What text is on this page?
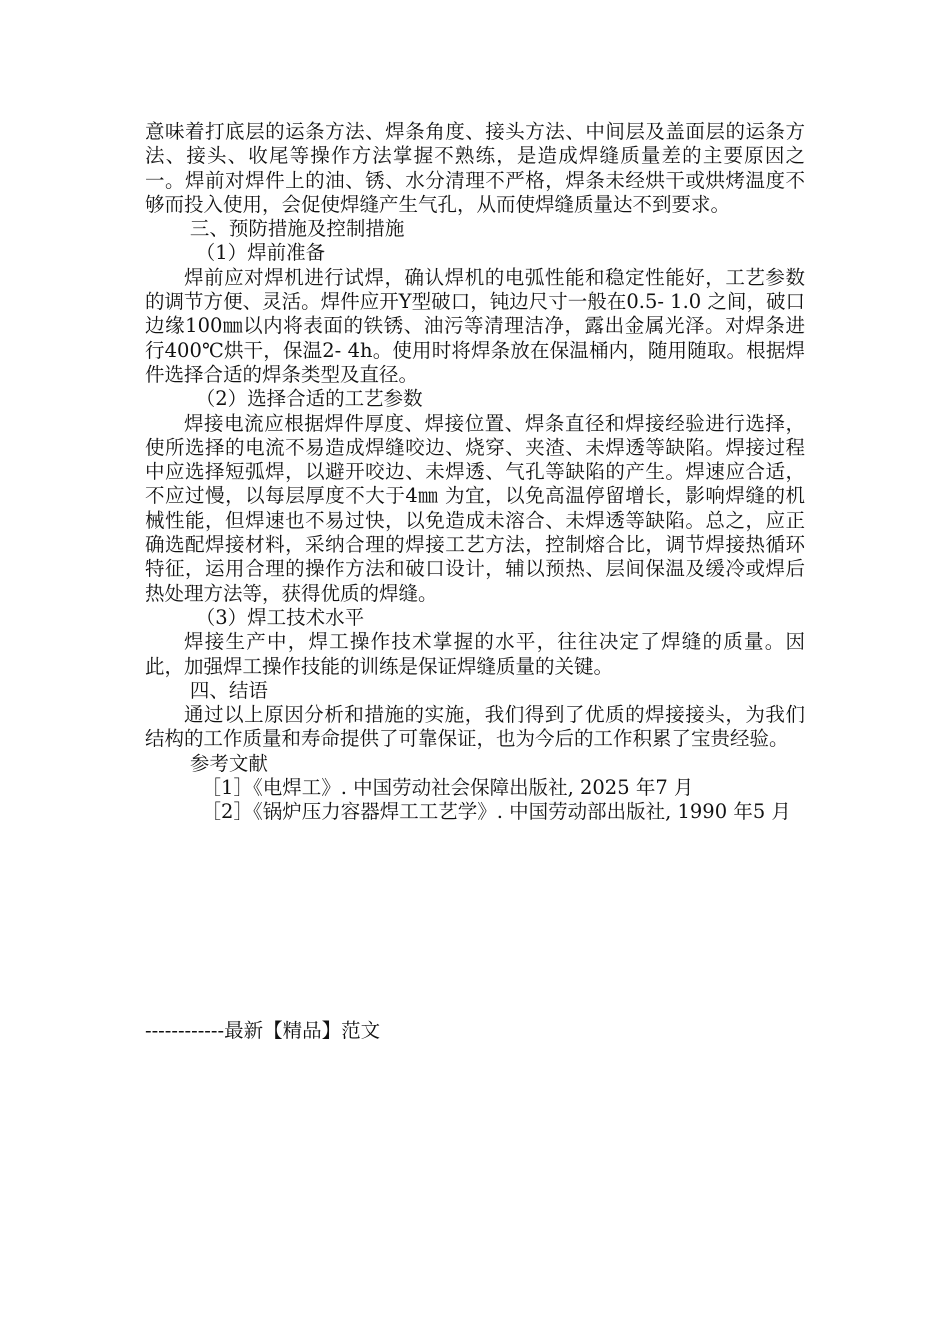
意味着打底层的运条方法、焊条角度、接头方法、中间层及盖面层的运条方法、接头、收尾等操作方法掌握不熟练，是造成焊缝质量差的主要原因之一。焊前对焊件上的油、锈、水分清理不严格，焊条未经烘干或烘烤温度不够而投入使用，会促使焊缝产生气孔，从而使焊缝质量达不到要求。

三、预防措施及控制措施

（1）焊前准备

焊前应对焊机进行试焊，确认焊机的电弧性能和稳定性能好，工艺参数的调节方便、灵活。焊件应开Y型破口，钝边尺寸一般在0.5- 1.0 之间，破口边缘100㎜以内将表面的铁锈、油污等清理洁净，露出金属光泽。对焊条进行400℃烘干，保温2- 4h。使用时将焊条放在保温桶内，随用随取。根据焊件选择合适的焊条类型及直径。

（2）选择合适的工艺参数

焊接电流应根据焊件厚度、焊接位置、焊条直径和焊接经验进行选择，使所选择的电流不易造成焊缝咬边、烧穿、夹渣、未焊透等缺陷。焊接过程中应选择短弧焊，以避开咬边、未焊透、气孔等缺陷的产生。焊速应合适，不应过慢，以每层厚度不大于4㎜ 为宜，以免高温停留增长，影响焊缝的机械性能，但焊速也不易过快，以免造成未溶合、未焊透等缺陷。总之，应正确选配焊接材料，采纳合理的焊接工艺方法，控制熔合比，调节焊接热循环特征，运用合理的操作方法和破口设计，辅以预热、层间保温及缓冷或焊后热处理方法等，获得优质的焊缝。

（3）焊工技术水平

焊接生产中，焊工操作技术掌握的水平，往往决定了焊缝的质量。因此，加强焊工操作技能的训练是保证焊缝质量的关键。

四、结语

通过以上原因分析和措施的实施，我们得到了优质的焊接接头，为我们结构的工作质量和寿命提供了可靠保证，也为今后的工作积累了宝贵经验。

参考文献

［1］《电焊工》. 中国劳动社会保障出版社, 2025 年7 月

［2］《锅炉压力容器焊工工艺学》. 中国劳动部出版社, 1990 年5 月

------------最新【精品】范文
